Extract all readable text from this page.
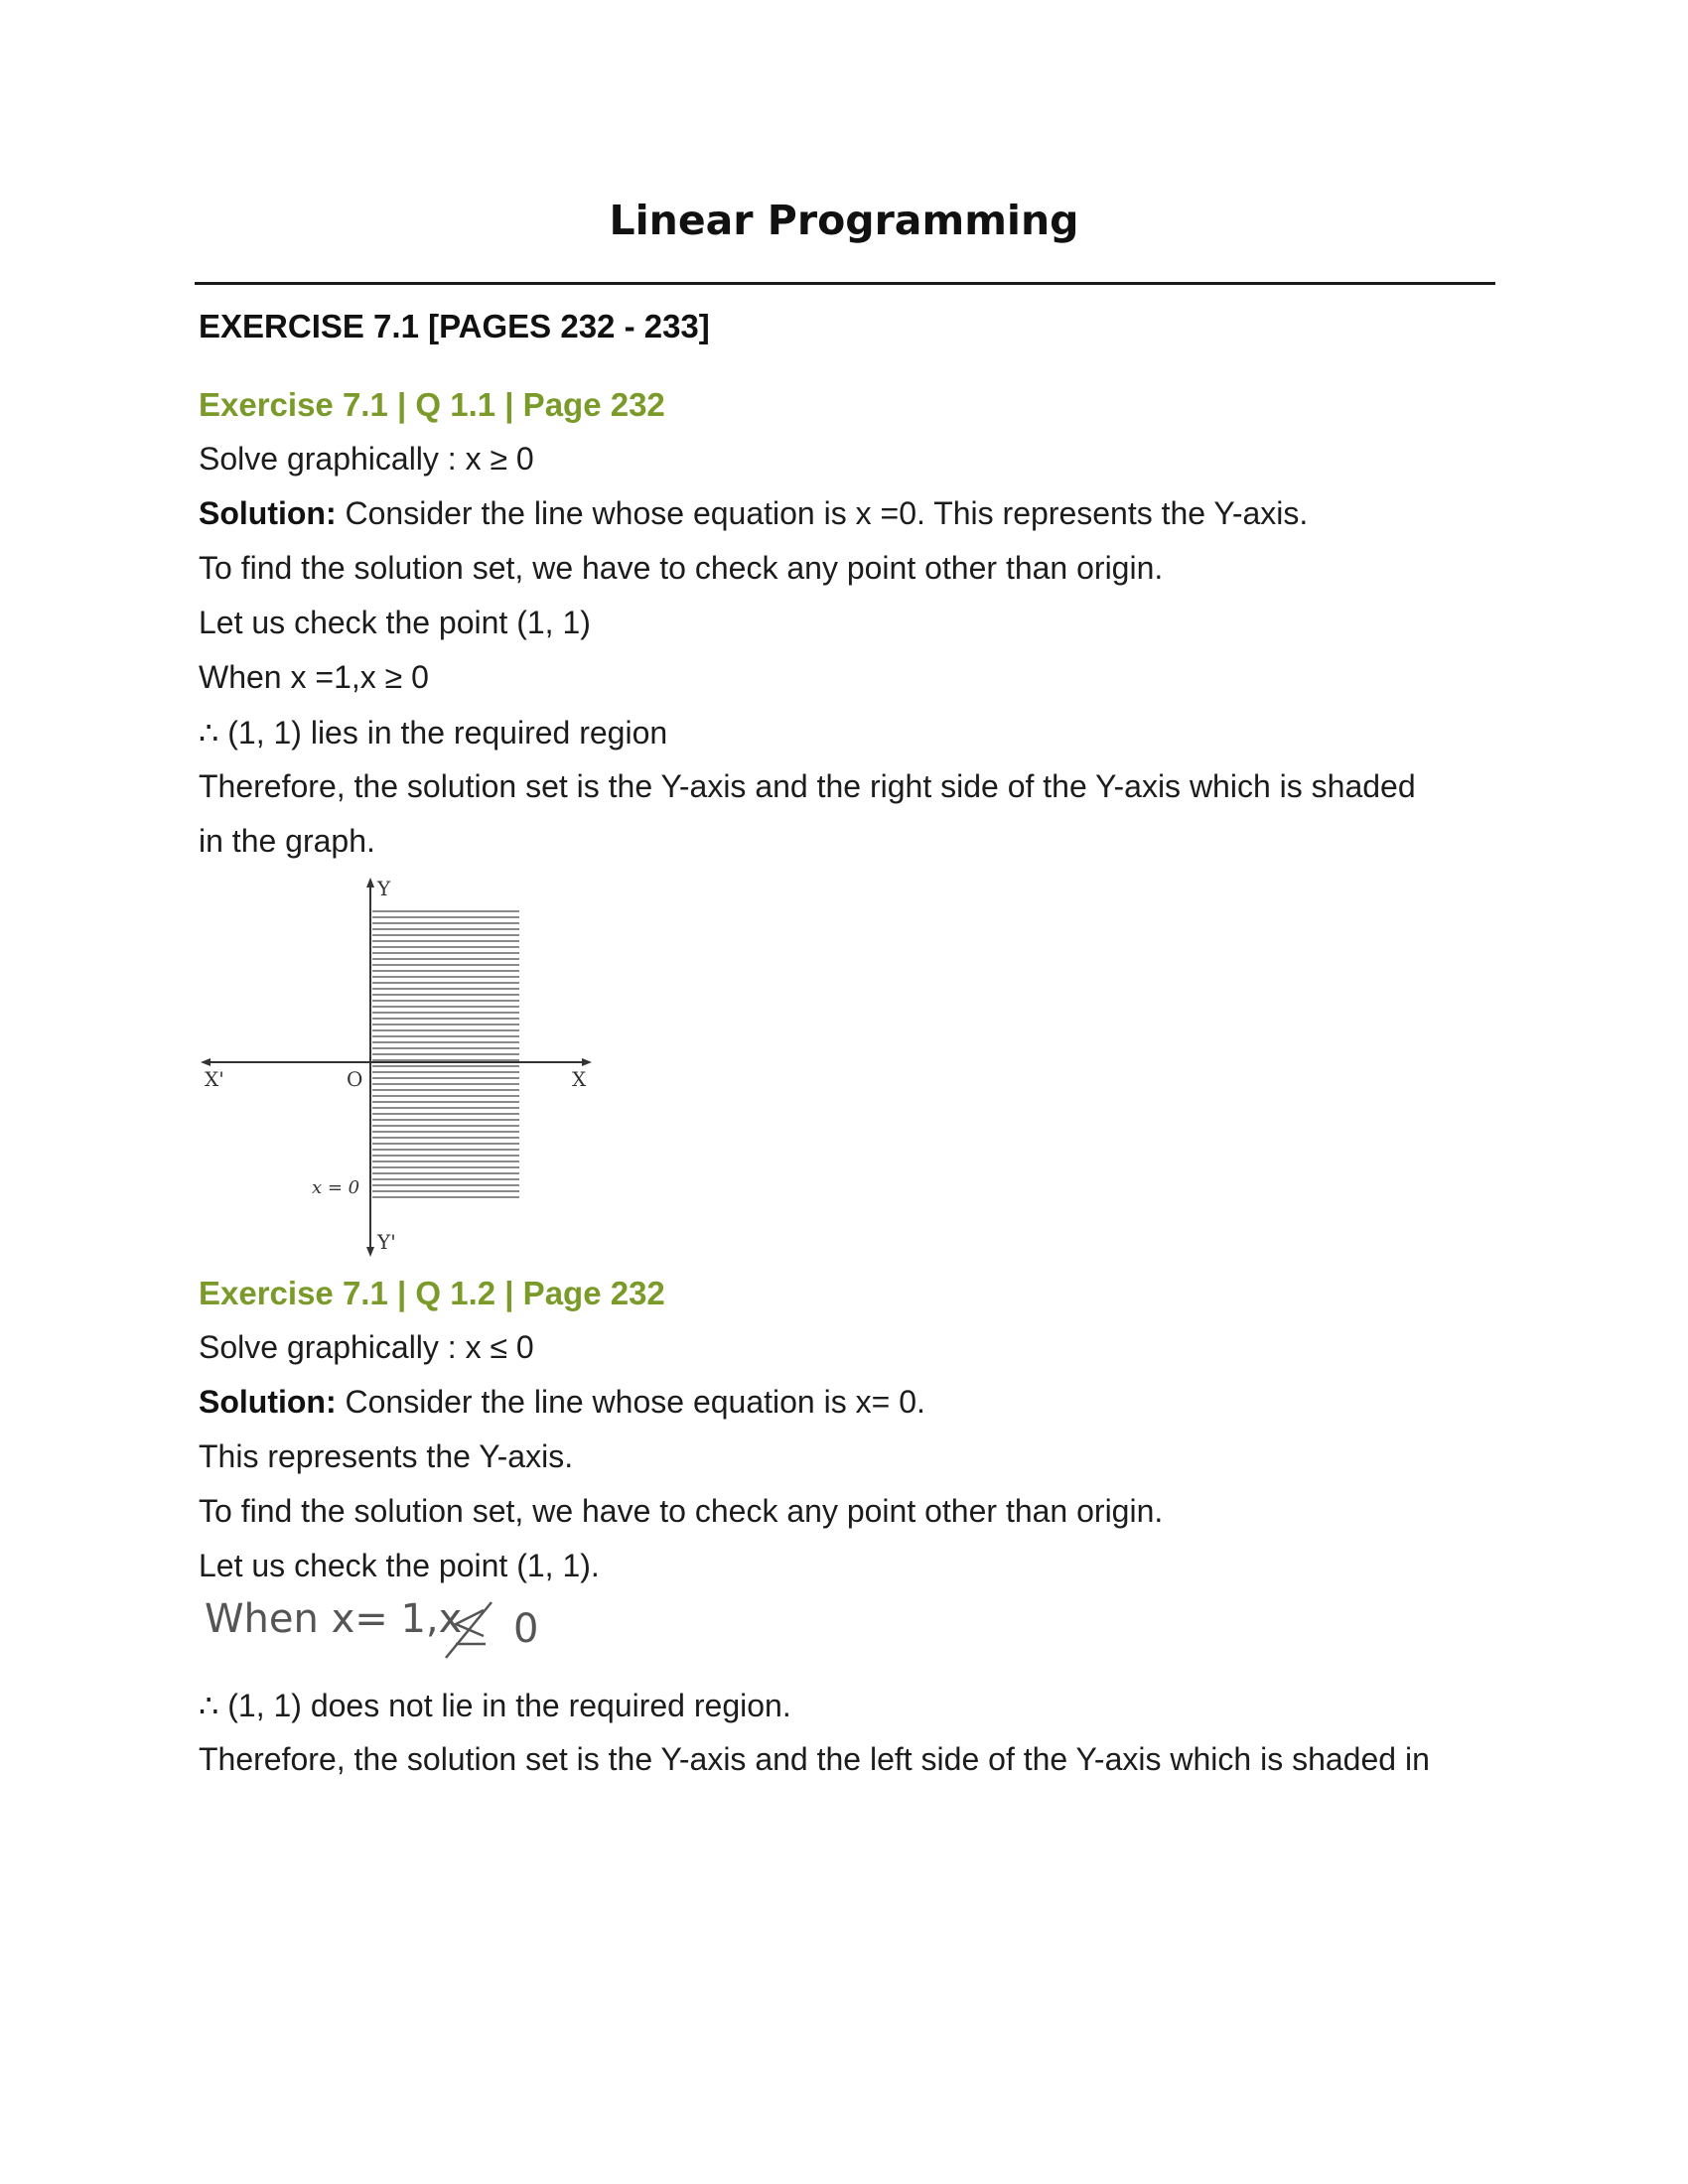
Linear Programming
EXERCISE 7.1 [PAGES 232 - 233]
Exercise 7.1 | Q 1.1 | Page 232
Solve graphically : x ≥ 0
Solution: Consider the line whose equation is x =0. This represents the Y-axis.
To find the solution set, we have to check any point other than origin.
Let us check the point (1, 1)
When x =1,x ≥ 0
∴ (1, 1) lies in the required region
Therefore, the solution set is the Y-axis and the right side of the Y-axis which is shaded
in the graph.
Y
Y'
X'	X
O
x = 0
Exercise 7.1 | Q 1.2 | Page 232
Solve graphically : x ≤ 0
Solution: Consider the line whose equation is x= 0.
This represents the Y-axis.
To find the solution set, we have to check any point other than origin.
Let us check the point (1, 1).
When x= 1,x 0
∴ (1, 1) does not lie in the required region.
Therefore, the solution set is the Y-axis and the left side of the Y-axis which is shaded in
